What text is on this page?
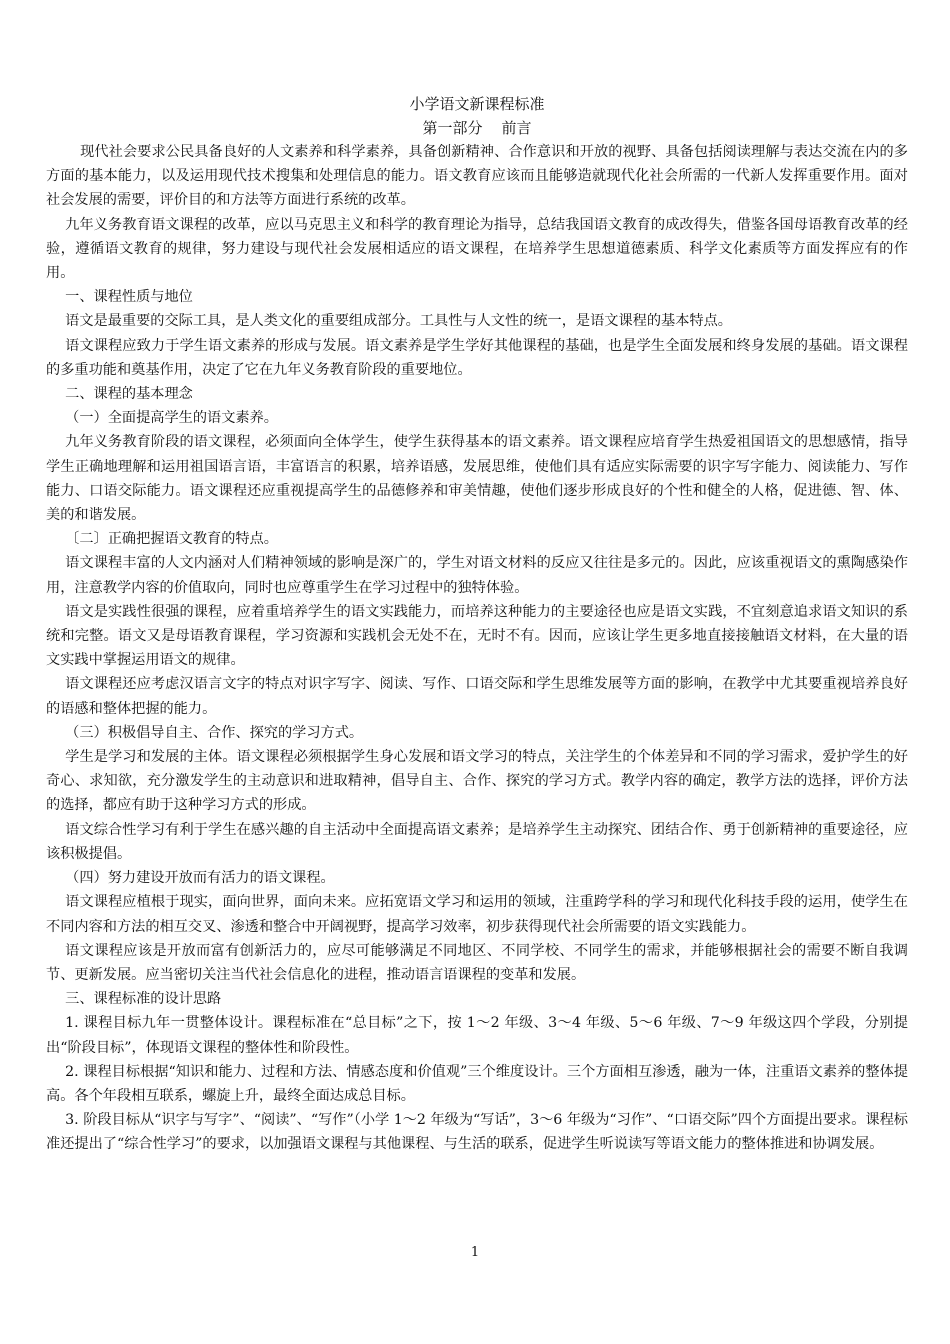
小学语文新课程标准

第一部分    前言

现代社会要求公民具备良好的人文素养和科学素养，具备创新精神、合作意识和开放的视野、具备包括阅读理解与表达交流在内的多方面的基本能力，以及运用现代技术搜集和处理信息的能力。语文教育应该而且能够造就现代化社会所需的一代新人发挥重要作用。面对社会发展的需要，评价目的和方法等方面进行系统的改革。

九年义务教育语文课程的改革，应以马克思主义和科学的教育理论为指导，总结我国语文教育的成改得失，借鉴各国母语教育改革的经验，遵循语文教育的规律，努力建设与现代社会发展相适应的语文课程，在培养学生思想道德素质、科学文化素质等方面发挥应有的作用。

一、课程性质与地位

语文是最重要的交际工具，是人类文化的重要组成部分。工具性与人文性的统一，是语文课程的基本特点。

语文课程应致力于学生语文素养的形成与发展。语文素养是学生学好其他课程的基础，也是学生全面发展和终身发展的基础。语文课程的多重功能和奠基作用，决定了它在九年义务教育阶段的重要地位。

二、课程的基本理念

（一）全面提高学生的语文素养。

九年义务教育阶段的语文课程，必须面向全体学生，使学生获得基本的语文素养。语文课程应培育学生热爱祖国语文的思想感情，指导学生正确地理解和运用祖国语言语，丰富语言的积累，培养语感，发展思维，使他们具有适应实际需要的识字写字能力、阅读能力、写作能力、口语交际能力。语文课程还应重视提高学生的品德修养和审美情趣，使他们逐步形成良好的个性和健全的人格，促进德、智、体、美的和谐发展。

〔二〕正确把握语文教育的特点。

语文课程丰富的人文内涵对人们精神领域的影响是深广的，学生对语文材料的反应又往往是多元的。因此，应该重视语文的熏陶感染作用，注意教学内容的价值取向，同时也应尊重学生在学习过程中的独特体验。

语文是实践性很强的课程，应着重培养学生的语文实践能力，而培养这种能力的主要途径也应是语文实践，不宜刻意追求语文知识的系统和完整。语文又是母语教育课程，学习资源和实践机会无处不在，无时不有。因而，应该让学生更多地直接接触语文材料，在大量的语文实践中掌握运用语文的规律。

语文课程还应考虑汉语言文字的特点对识字写字、阅读、写作、口语交际和学生思维发展等方面的影响，在教学中尤其要重视培养良好的语感和整体把握的能力。

（三）积极倡导自主、合作、探究的学习方式。

学生是学习和发展的主体。语文课程必须根据学生身心发展和语文学习的特点，关注学生的个体差异和不同的学习需求，爱护学生的好奇心、求知欲，充分激发学生的主动意识和进取精神，倡导自主、合作、探究的学习方式。教学内容的确定，教学方法的选择，评价方法的选择，都应有助于这种学习方式的形成。

语文综合性学习有利于学生在感兴趣的自主活动中全面提高语文素养；是培养学生主动探究、团结合作、勇于创新精神的重要途径，应该积极提倡。

（四）努力建设开放而有活力的语文课程。

语文课程应植根于现实，面向世界，面向未来。应拓宽语文学习和运用的领域，注重跨学科的学习和现代化科技手段的运用，使学生在不同内容和方法的相互交叉、渗透和整合中开阔视野，提高学习效率，初步获得现代社会所需要的语文实践能力。

语文课程应该是开放而富有创新活力的，应尽可能够满足不同地区、不同学校、不同学生的需求，并能够根据社会的需要不断自我调节、更新发展。应当密切关注当代社会信息化的进程，推动语言语课程的变革和发展。

三、课程标准的设计思路

1. 课程目标九年一贯整体设计。课程标准在“总目标”之下，按 1～2 年级、3～4 年级、5～6 年级、7～9 年级这四个学段，分别提出“阶段目标”，体现语文课程的整体性和阶段性。

2. 课程目标根据“知识和能力、过程和方法、情感态度和价值观”三个维度设计。三个方面相互渗透，融为一体，注重语文素养的整体提高。各个年段相互联系，螺旋上升，最终全面达成总目标。

3. 阶段目标从“识字与写字”、“阅读”、“写作”（小学 1～2 年级为“写话”，3～6 年级为“习作”、“口语交际”四个方面提出要求。课程标准还提出了“综合性学习”的要求，以加强语文课程与其他课程、与生活的联系，促进学生听说读写等语文能力的整体推进和协调发展。

1
